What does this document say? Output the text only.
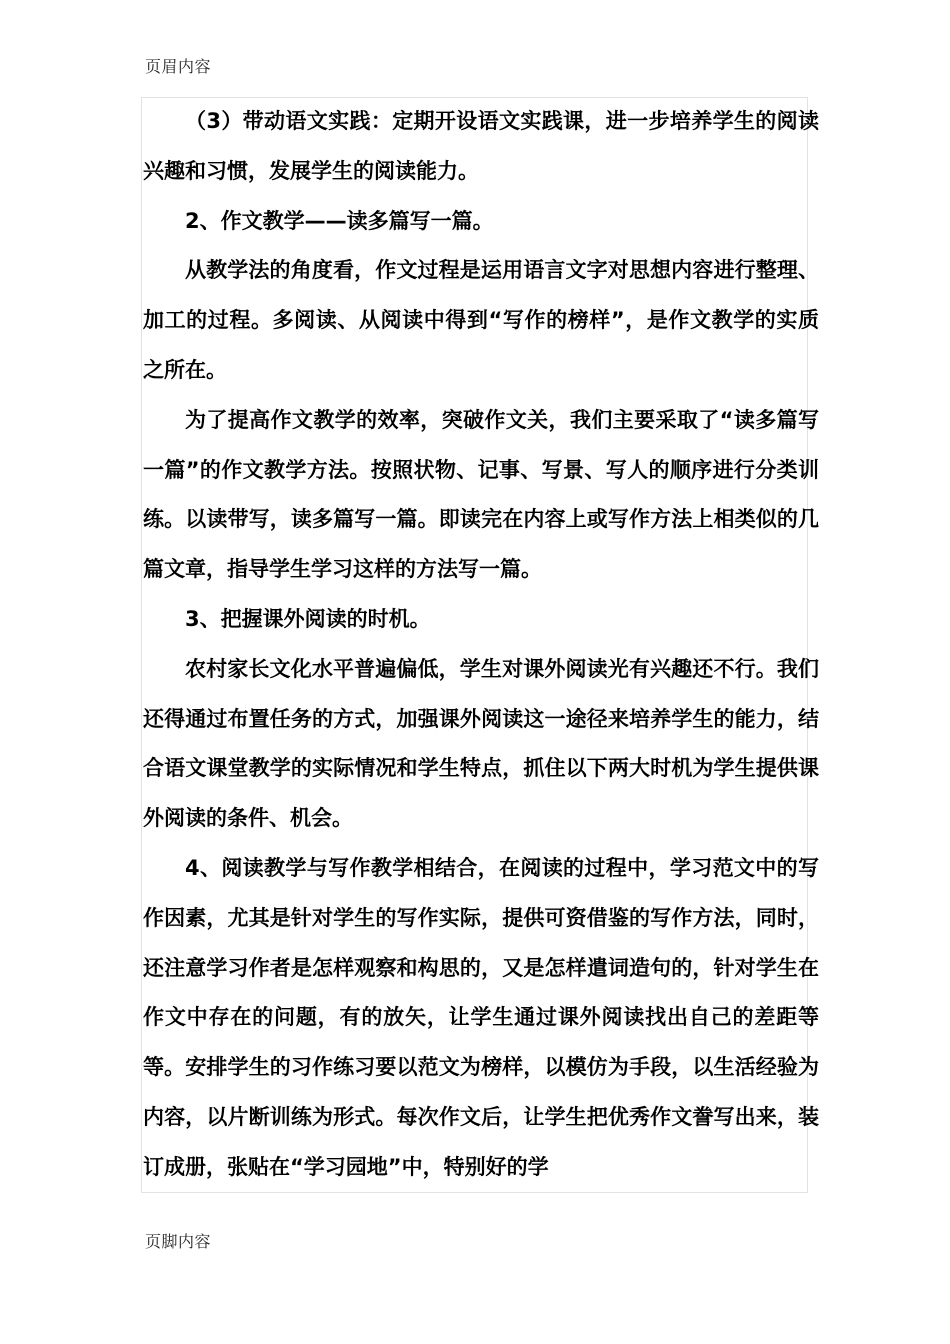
页眉内容

（3）带动语文实践：定期开设语文实践课，进一步培养学生的阅读兴趣和习惯，发展学生的阅读能力。

2、作文教学——读多篇写一篇。

从教学法的角度看，作文过程是运用语言文字对思想内容进行整理、加工的过程。多阅读、从阅读中得到“写作的榜样”，是作文教学的实质之所在。

为了提高作文教学的效率，突破作文关，我们主要采取了“读多篇写一篇”的作文教学方法。按照状物、记事、写景、写人的顺序进行分类训练。以读带写，读多篇写一篇。即读完在内容上或写作方法上相类似的几篇文章，指导学生学习这样的方法写一篇。

3、把握课外阅读的时机。

农村家长文化水平普遍偏低，学生对课外阅读光有兴趣还不行。我们还得通过布置任务的方式，加强课外阅读这一途径来培养学生的能力，结合语文课堂教学的实际情况和学生特点，抓住以下两大时机为学生提供课外阅读的条件、机会。

4、阅读教学与写作教学相结合，在阅读的过程中，学习范文中的写作因素，尤其是针对学生的写作实际，提供可资借鉴的写作方法，同时，还注意学习作者是怎样观察和构思的，又是怎样遣词造句的，针对学生在作文中存在的问题，有的放矢，让学生通过课外阅读找出自己的差距等等。安排学生的习作练习要以范文为榜样，以模仿为手段，以生活经验为内容，以片断训练为形式。每次作文后，让学生把优秀作文誊写出来，装订成册，张贴在“学习园地”中，特别好的学

页脚内容
